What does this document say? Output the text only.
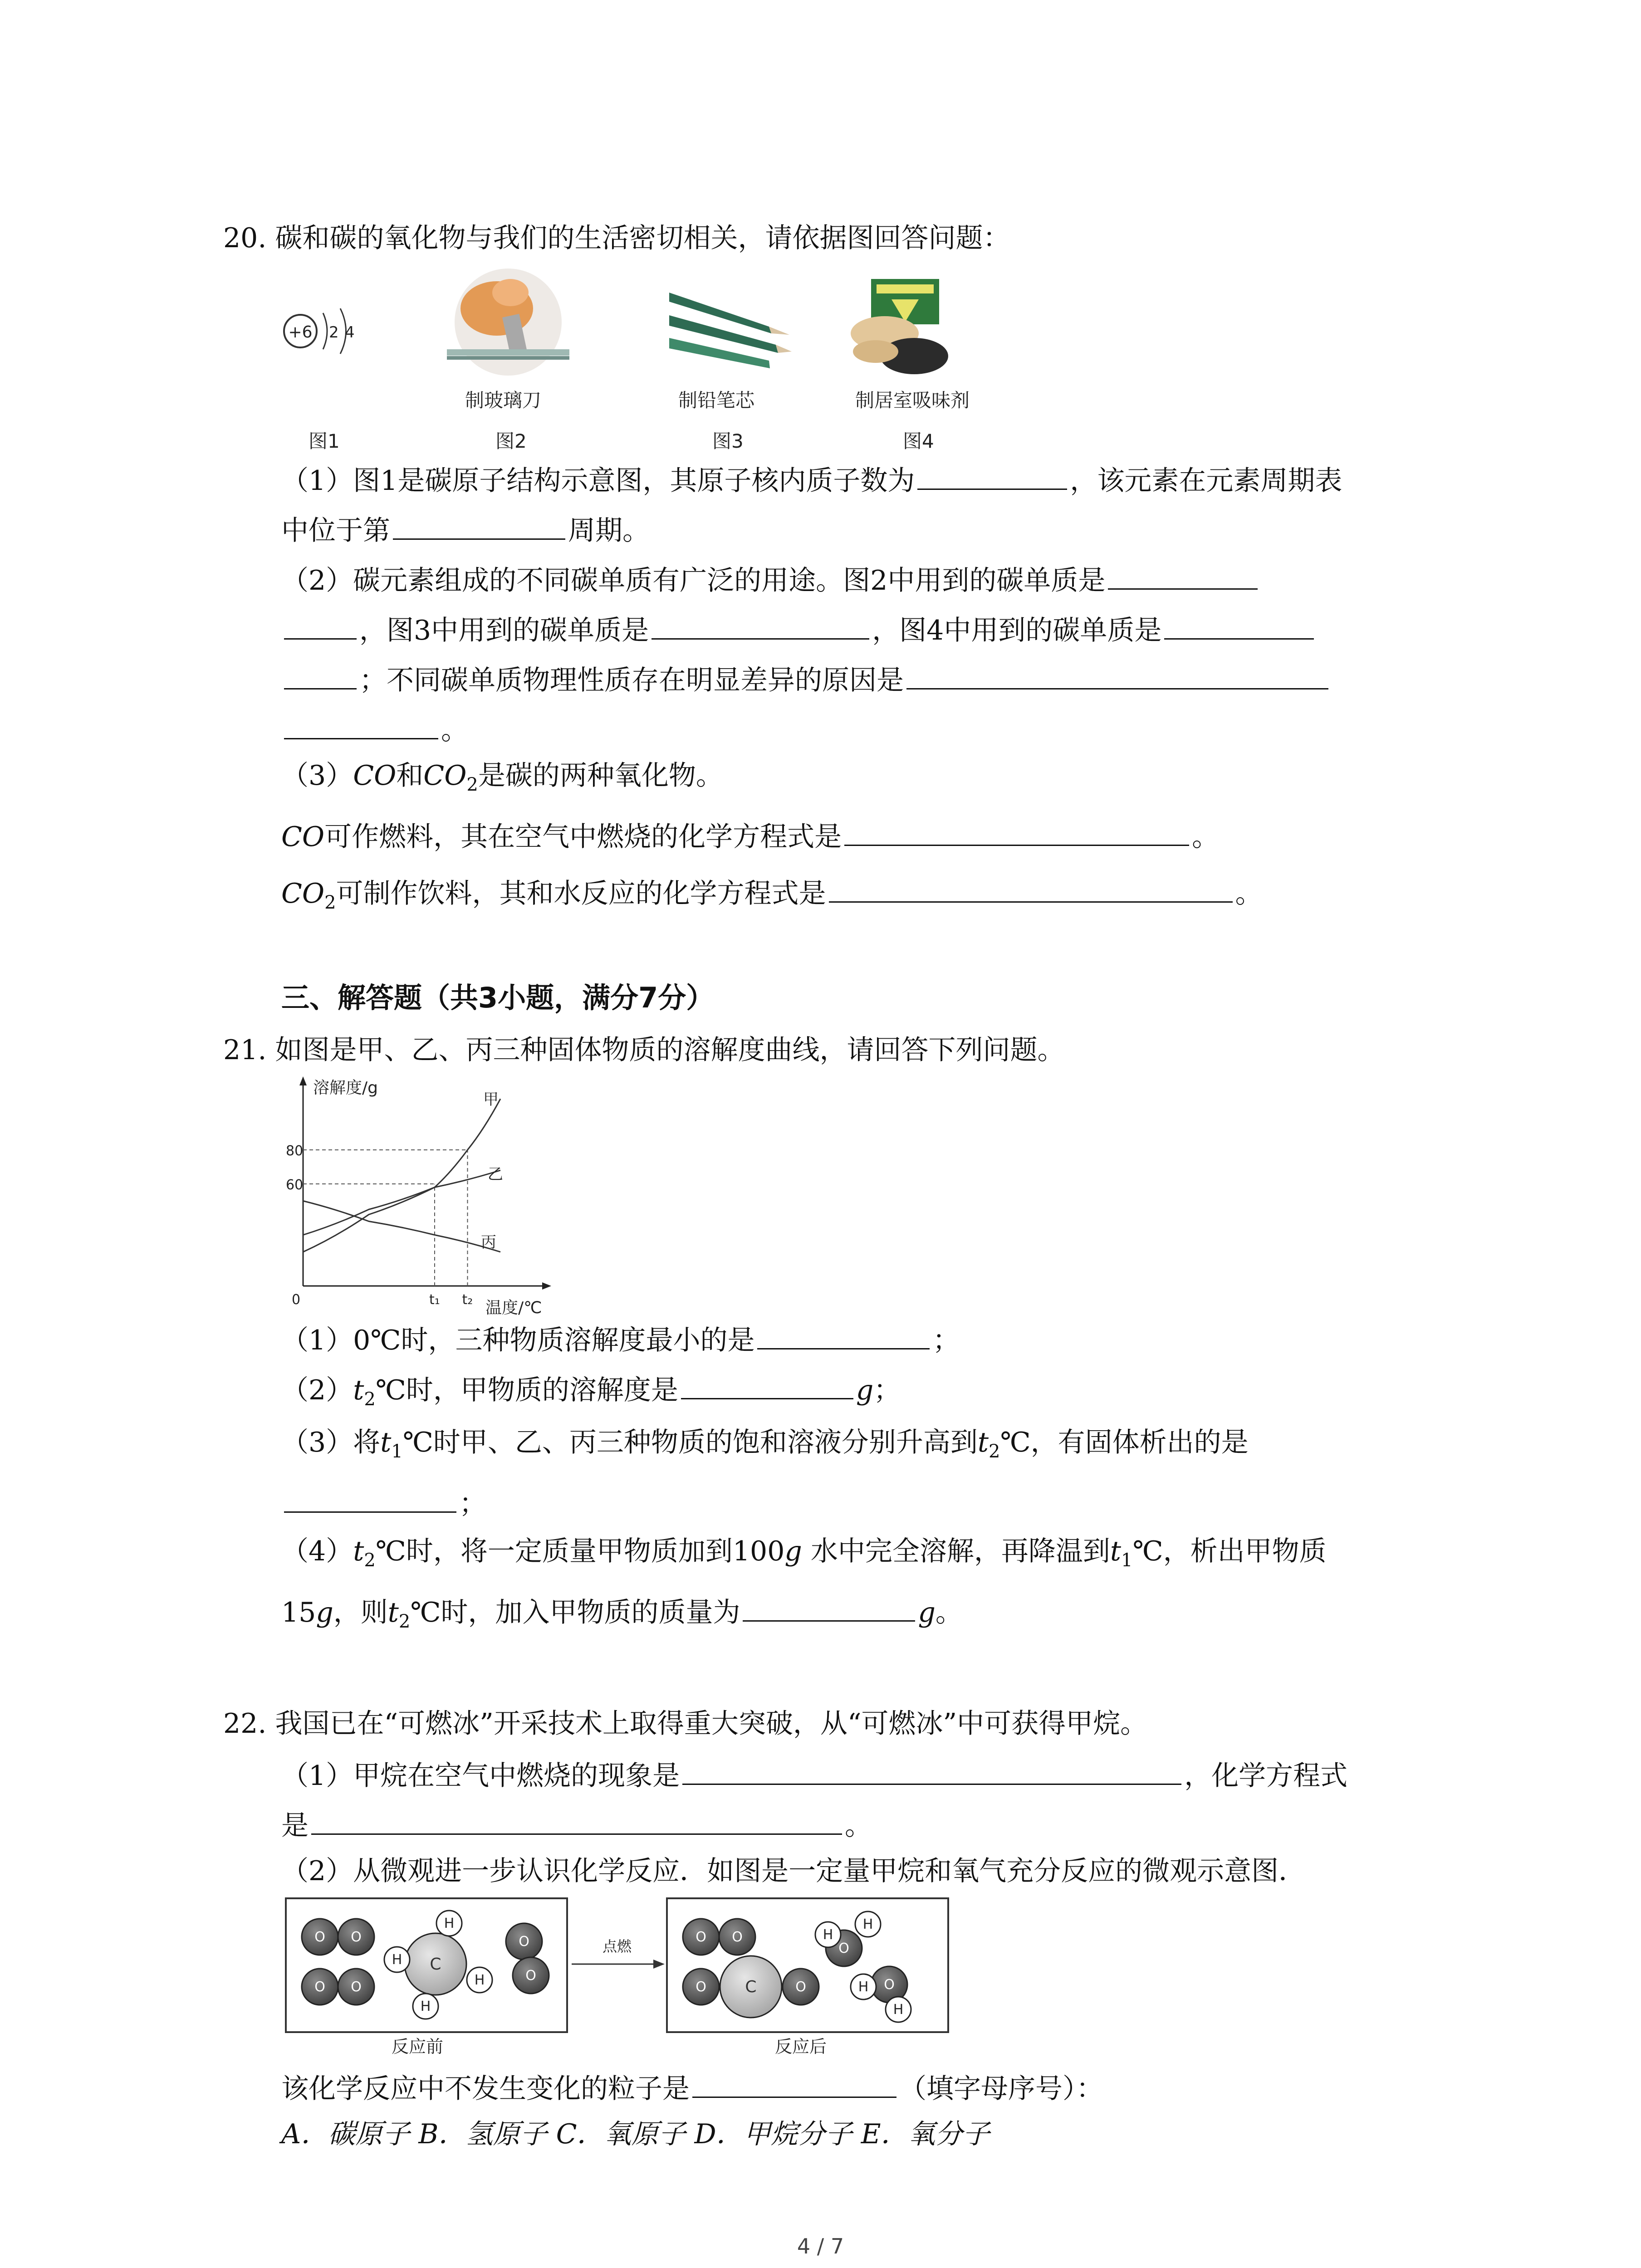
20. 碳和碳的氧化物与我们的生活密切相关，请依据图回答问题：
+6 2 4
制玻璃刀	制铅笔芯	制居室吸味剂
图1	图2	图3	图4
（1）图1是碳原子结构示意图，其原子核内质子数为	，该元素在元素周期表
中位于第	周期。
（2）碳元素组成的不同碳单质有广泛的用途。图2中用到的碳单质是
，图3中用到的碳单质是	，图4中用到的碳单质是
；不同碳单质物理性质存在明显差异的原因是
。
（3）CO和$CO_2$是碳的两种氧化物。
CO可作燃料，其在空气中燃烧的化学方程式是	。
$CO_2$可制作饮料，其和水反应的化学方程式是	。
三、解答题（共3小题，满分7分）
21. 如图是甲、乙、丙三种固体物质的溶解度曲线，请回答下列问题。
溶解度/g
温度/℃
80
60
0	t₁ t₂
甲
乙
丙
（1）0℃时，三种物质溶解度最小的是	；
$(2)t_2℃$时，甲物质的溶解度是	g；
（3）将$t_1℃$时甲、乙、丙三种物质的饱和溶液分别升高到$t_2℃$，有固体析出的是
；
$(4)t_2℃$时，将一定质量甲物质加到100g 水中完全溶解，再降温到$t_1℃$，析出甲物质
15g，则$t_2℃$时，加入甲物质的质量为	g。
22. 我国已在“可燃冰”开采技术上取得重大突破，从“可燃冰”中可获得甲烷。
（1）甲烷在空气中燃烧的现象是	，化学方程式
是	。
（2）从微观进一步认识化学反应．如图是一定量甲烷和氧气充分反应的微观示意图．
点燃
反应前	反应后
O O
O O
C
H
H
H
H
O
O
O O
C
O	O
O
H
H
O
H
H
该化学反应中不发生变化的粒子是	（填字母序号）：
A．碳原子 B．氢原子 C．氧原子 D．甲烷分子 E．氧分子
4 / 7
